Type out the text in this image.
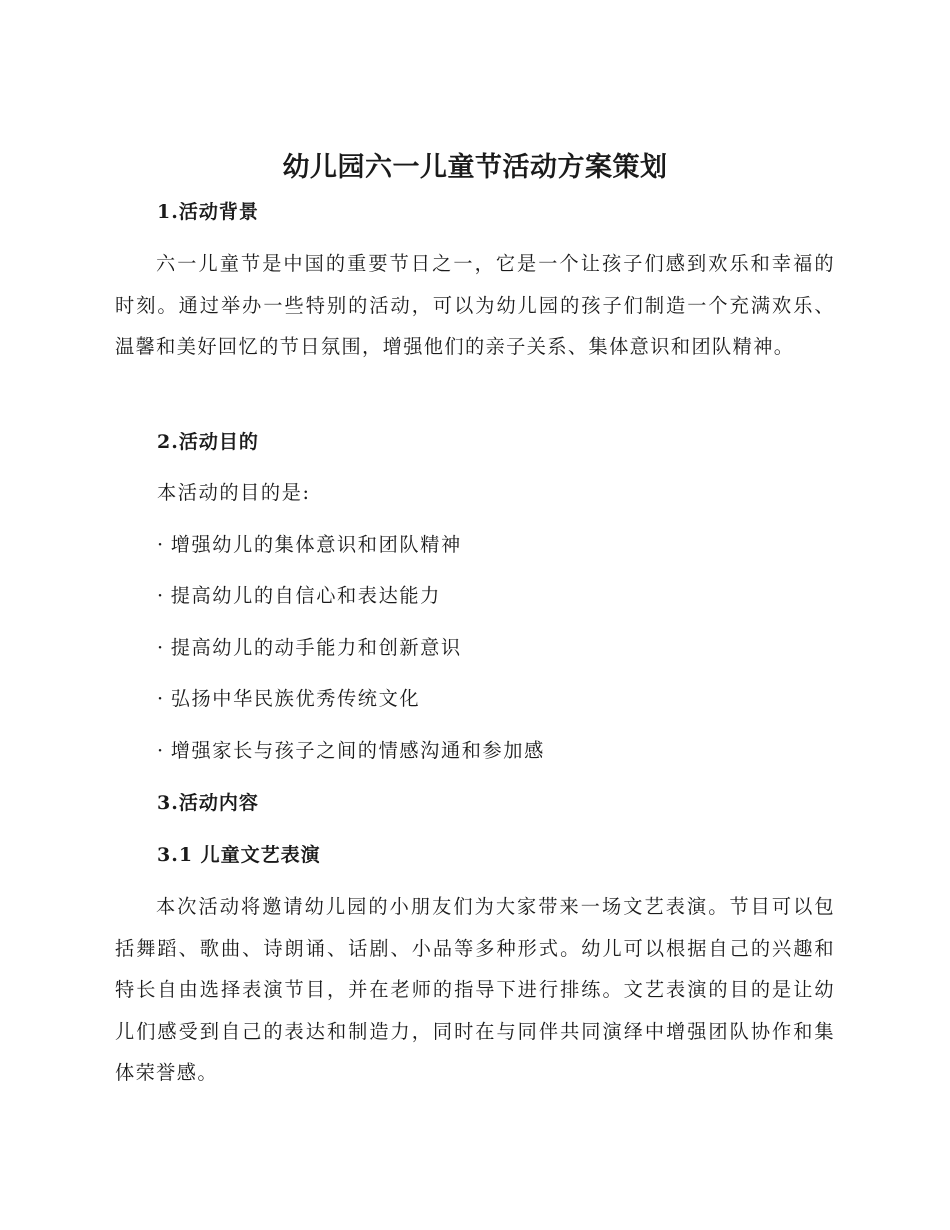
幼儿园六一儿童节活动方案策划
1.活动背景
六一儿童节是中国的重要节日之一，它是一个让孩子们感到欢乐和幸福的时刻。通过举办一些特别的活动，可以为幼儿园的孩子们制造一个充满欢乐、温馨和美好回忆的节日氛围，增强他们的亲子关系、集体意识和团队精神。
2.活动目的
本活动的目的是:
· 增强幼儿的集体意识和团队精神
· 提高幼儿的自信心和表达能力
· 提高幼儿的动手能力和创新意识
· 弘扬中华民族优秀传统文化
· 增强家长与孩子之间的情感沟通和参加感
3.活动内容
3.1 儿童文艺表演
本次活动将邀请幼儿园的小朋友们为大家带来一场文艺表演。节目可以包括舞蹈、歌曲、诗朗诵、话剧、小品等多种形式。幼儿可以根据自己的兴趣和特长自由选择表演节目，并在老师的指导下进行排练。文艺表演的目的是让幼儿们感受到自己的表达和制造力，同时在与同伴共同演绎中增强团队协作和集体荣誉感。
